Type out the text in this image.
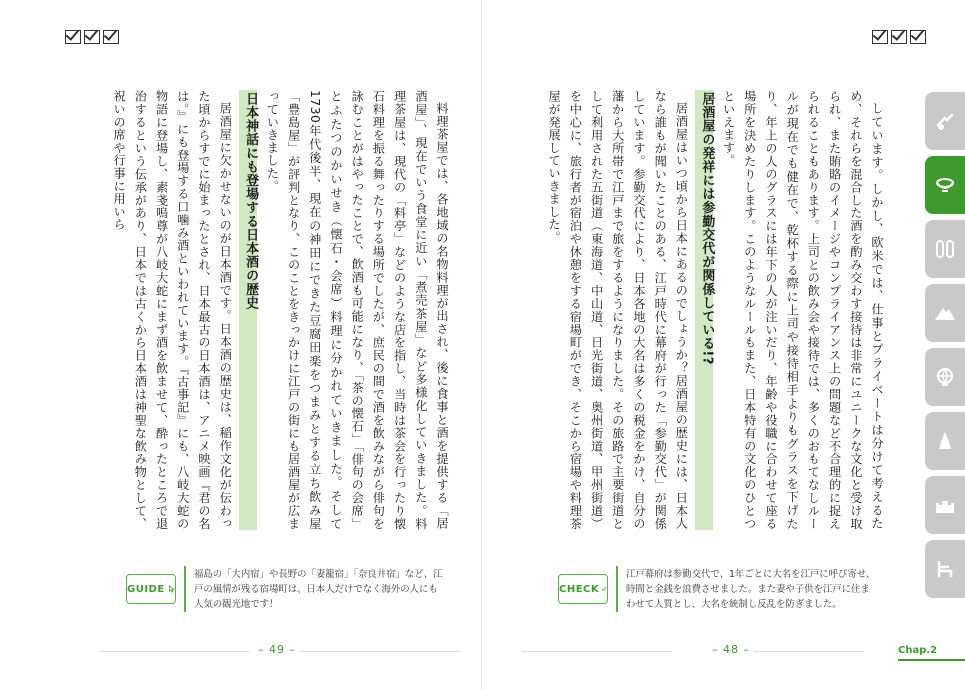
料理茶屋では、各地域の名物料理が出され、後に食事と酒を提供する「居酒屋」、現在でいう食堂に近い「煮売茶屋」など多様化していきました。料理茶屋は、現代の「料亭」などのような店を指し、当時は茶会を行ったり懐石料理を振る舞ったりする場所でしたが、庶民の間で酒を飲みながら俳句を詠むことがはやったことで、飲酒も可能になり、「茶の懐石」「俳句の会席」とふたつのかいせき（懐石・会席）料理に分かれていきました。そして1730年代後半、現在の神田にできた豆腐田楽をつまみとする立ち飲み屋「豊島屋」が評判となり、このことをきっかけに江戸の街にも居酒屋が広まっていきました。

日本神話にも登場する日本酒の歴史

居酒屋に欠かせないのが日本酒です。日本酒の歴史は、稲作文化が伝わった頃からすでに始まったとされ、日本最古の日本酒は、アニメ映画『君の名は。』にも登場する口噛み酒といわれています。『古事記』にも、八岐大蛇の物語に登場し、素戔嗚尊が八岐大蛇にまず酒を飲ませて、酔ったところで退治するという伝承があり、日本では古くから日本酒は神聖な飲み物として、祝いの席や行事に用いら

GUIDE
福島の「大内宿」や長野の「妻籠宿」「奈良井宿」など、江戸の風情が残る宿場町は、日本人だけでなく海外の人にも人気の観光地です！
– 49 –

しています。しかし、欧米では、仕事とプライベートは分けて考えるため、それらを混合した酒を酌み交わす接待は非常にユニークな文化と受け取られ、また賄賂のイメージやコンプライアンス上の問題など不合理的に捉えられることもあります。上司との飲み会や接待では、多くのおもてなしルールが現在でも健在で、乾杯する際に上司や接待相手よりもグラスを下げたり、年上の人のグラスには年下の人が注いだり、年齢や役職に合わせて座る場所を決めたりします。このようなルールもまた、日本特有の文化のひとつといえます。

居酒屋の発祥には参勤交代が関係している!?

居酒屋はいつ頃から日本にあるのでしょうか？居酒屋の歴史には、日本人なら誰もが聞いたことのある、江戸時代に幕府が行った「参勤交代」が関係しています。参勤交代により、日本各地の大名は多くの税金をかけ、自分の藩から大所帯で江戸まで旅をするようになりました。その旅路で主要街道として利用された五街道（東海道、中山道、日光街道、奥州街道、甲州街道）を中心に、旅行者が宿泊や休憩をする宿場町ができ、そこから宿場や料理茶屋が発展していきました。

CHECK
江戸幕府は参勤交代で、1年ごとに大名を江戸に呼び寄せ、時間と金銭を浪費させました。また妻や子供を江戸に住まわせて人質とし、大名を統制し反乱を防ぎました。
– 48 –	Chap.2
